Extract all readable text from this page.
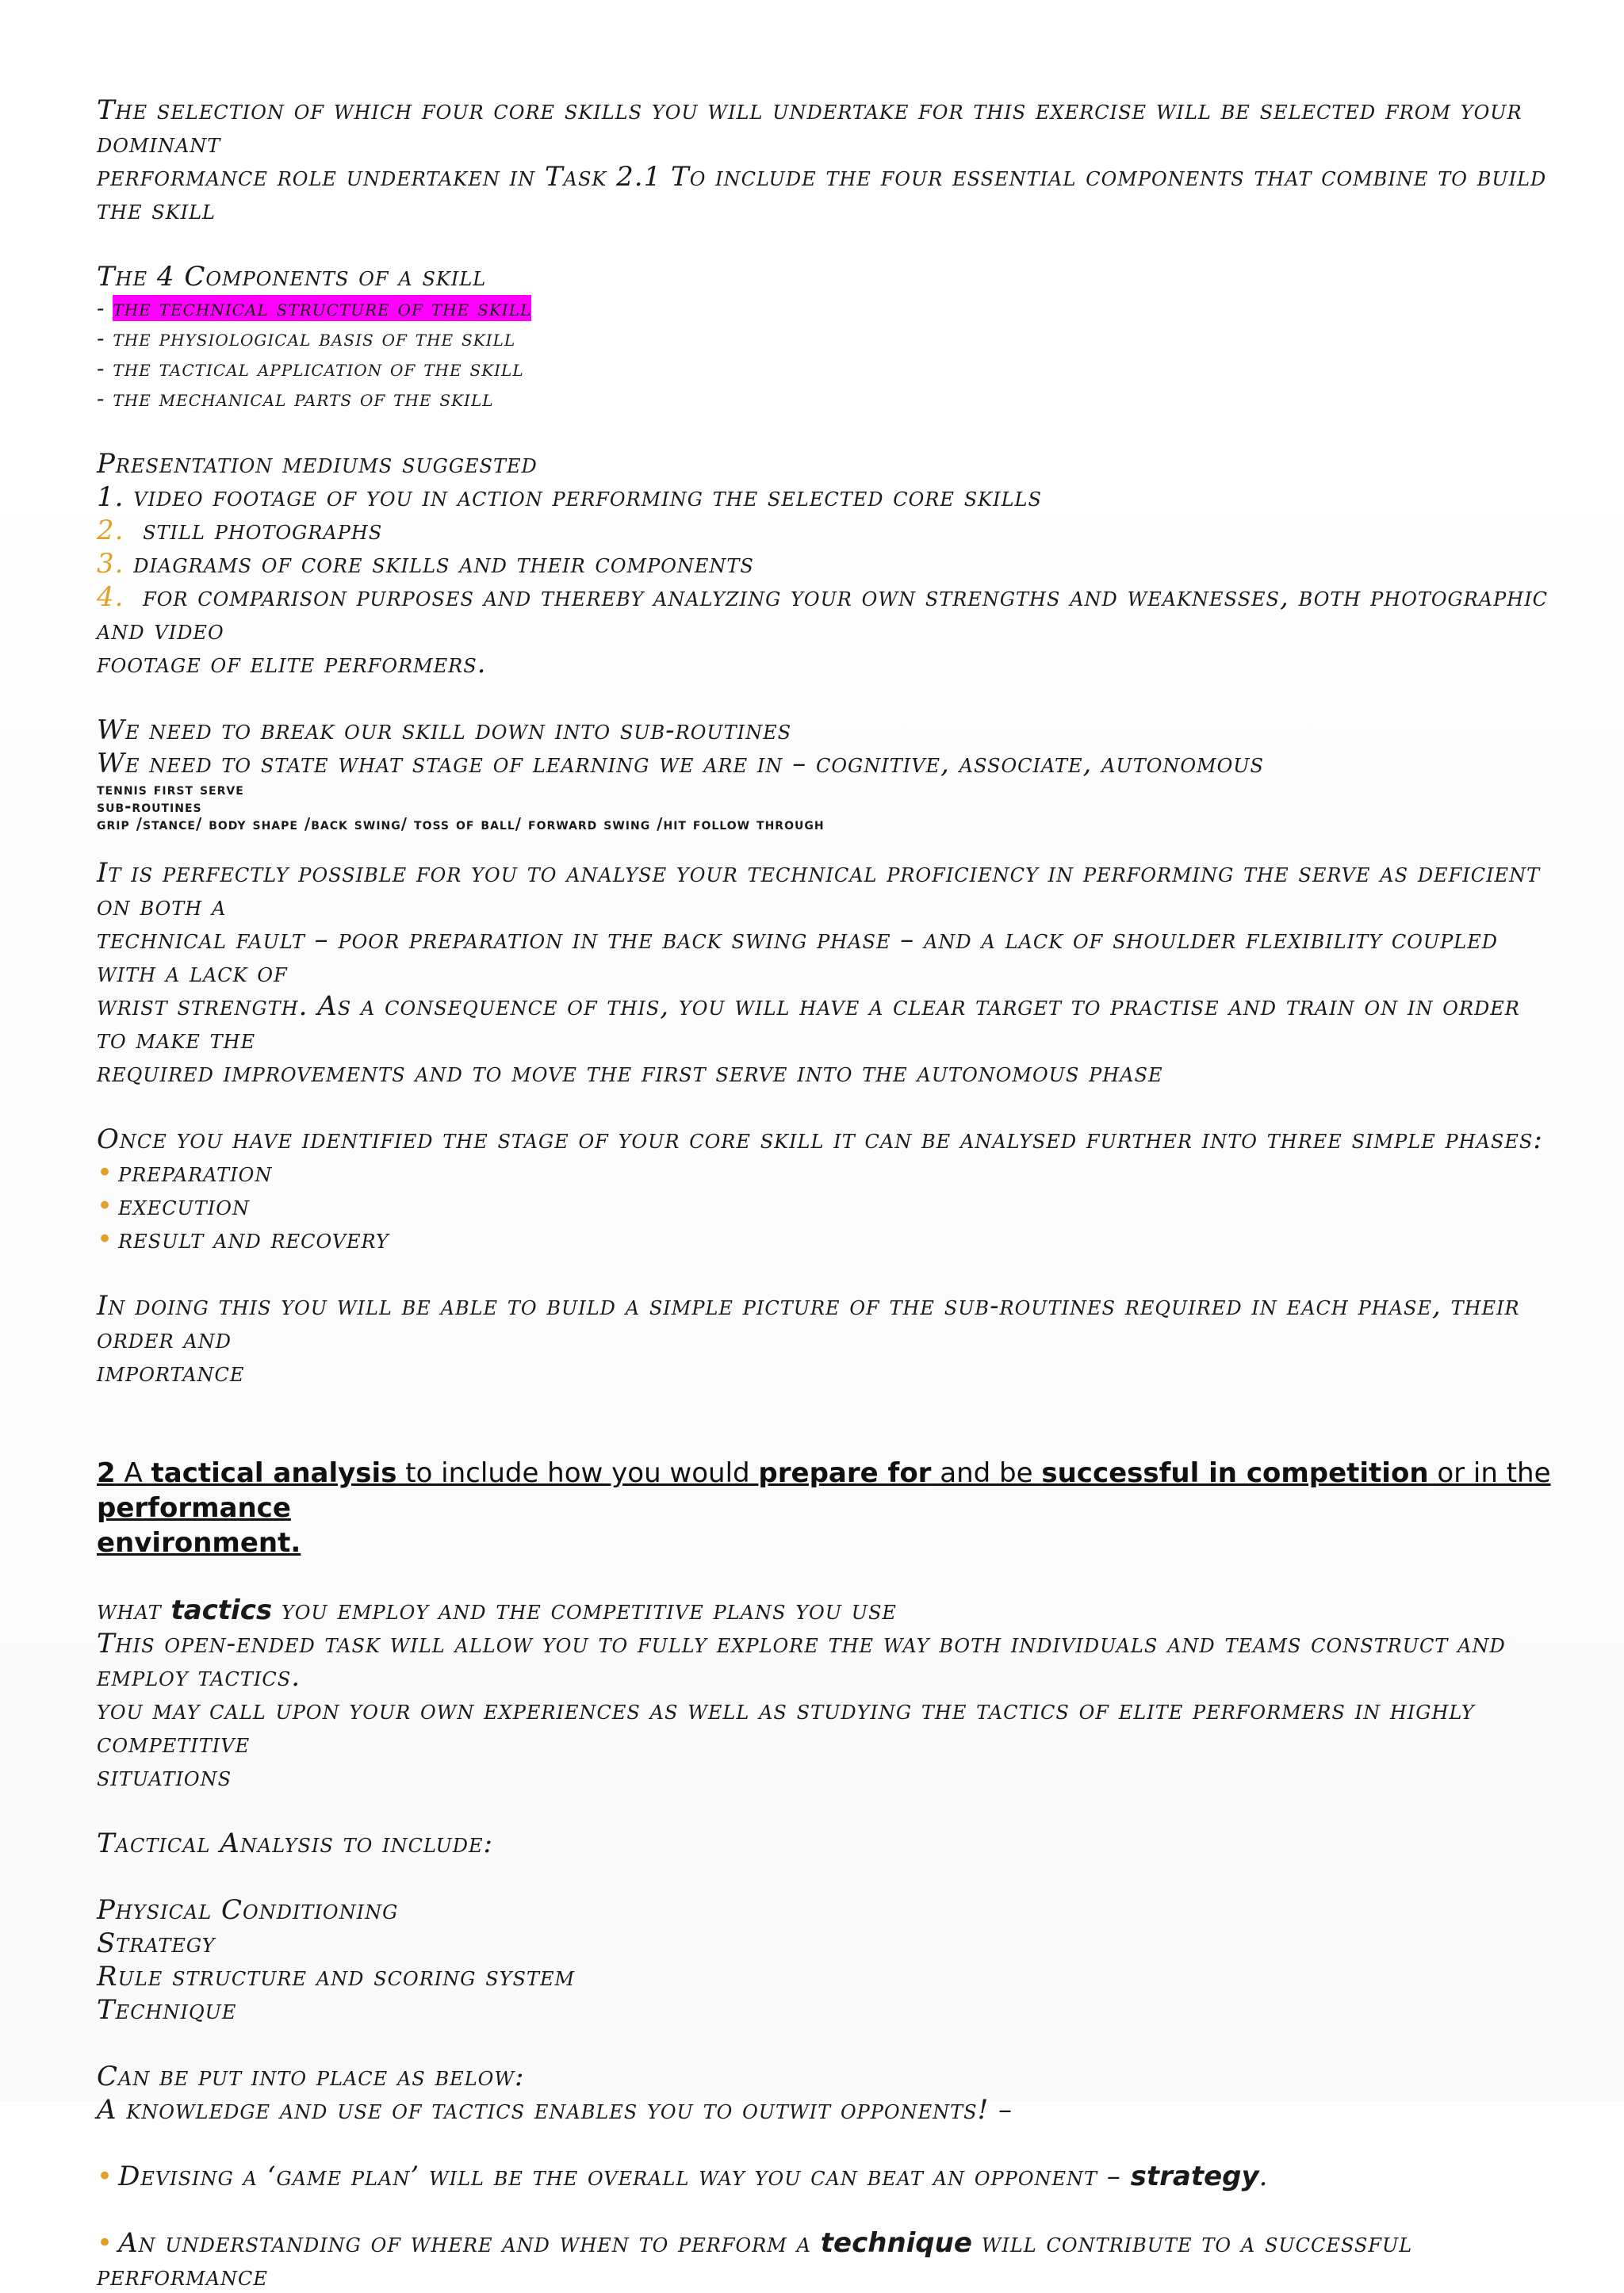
The selection of which four core skills you will undertake for this exercise will be selected from your dominant

performance role undertaken in Task 2.1 To include the four essential components that combine to build the skill

The 4 Components of a skill

- the technical structure of the skill

- the physiological basis of the skill

- the tactical application of the skill

- the mechanical parts of the skill

Presentation mediums suggested

1. video footage of you in action performing the selected core skills

2. still photographs

3. diagrams of core skills and their components

4. for comparison purposes and thereby analyzing your own strengths and weaknesses, both photographic and video

footage of elite performers.

We need to break our skill down into sub-routines

We need to state what stage of learning we are in – cognitive, associate, autonomous

tennis first serve

sub-routines

grip /stance/ body shape /back swing/ toss of ball/ forward swing /hit follow through

It is perfectly possible for you to analyse your technical proficiency in performing the serve as deficient on both a

technical fault – poor preparation in the back swing phase – and a lack of shoulder flexibility coupled with a lack of

wrist strength. As a consequence of this, you will have a clear target to practise and train on in order to make the

required improvements and to move the first serve into the autonomous phase

Once you have identified the stage of your core skill it can be analysed further into three simple phases:

• preparation

• execution

• result and recovery

In doing this you will be able to build a simple picture of the sub-routines required in each phase, their order and

importance

2 A tactical analysis to include how you would prepare for and be successful in competition or in the performance

environment.

what tactics you employ and the competitive plans you use

This open-ended task will allow you to fully explore the way both individuals and teams construct and employ tactics.

you may call upon your own experiences as well as studying the tactics of elite performers in highly competitive

situations

Tactical Analysis to include:

Physical Conditioning

Strategy

Rule structure and scoring system

Technique

Can be put into place as below:

A knowledge and use of tactics enables you to outwit opponents! –

• Devising a ‘game plan’ will be the overall way you can beat an opponent – strategy.

• An understanding of where and when to perform a technique will contribute to a successful performance
